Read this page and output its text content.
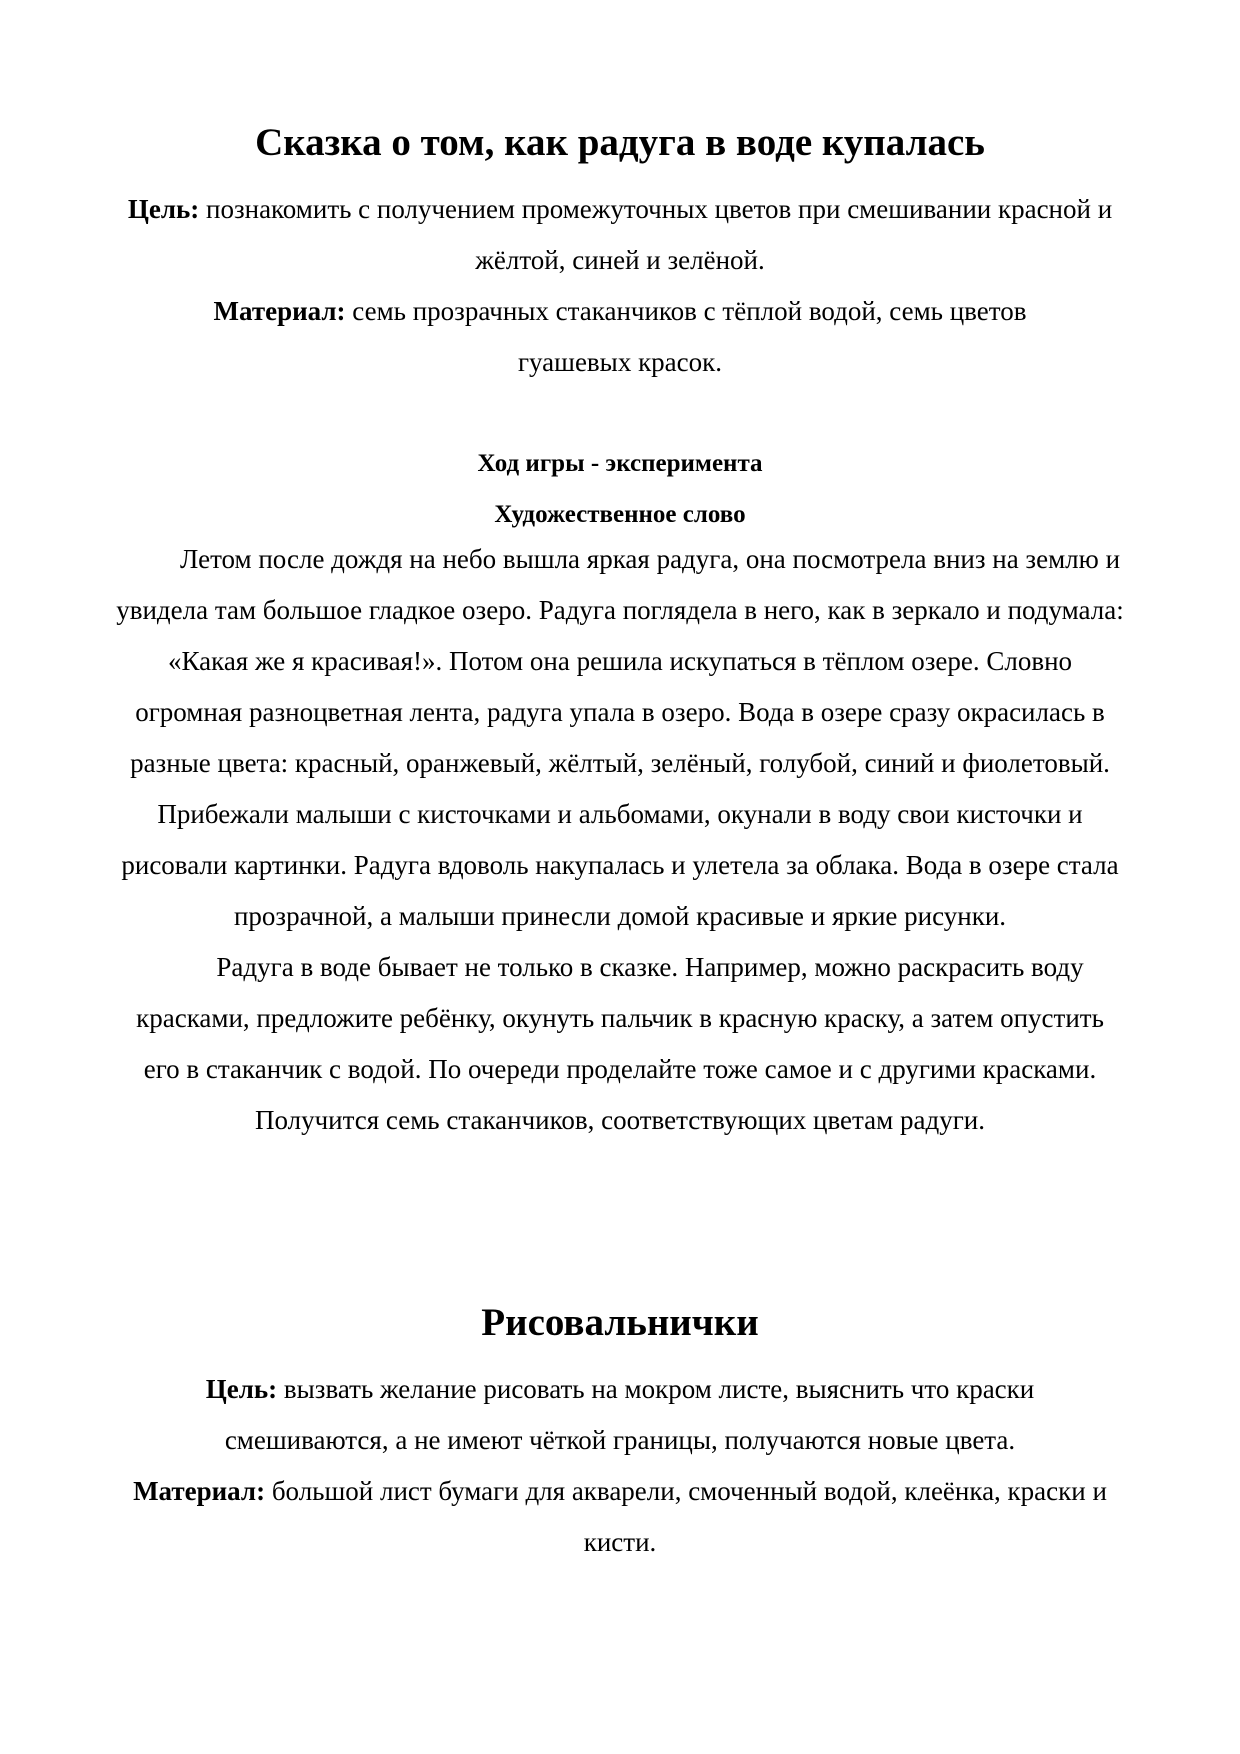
Сказка о том, как радуга в воде купалась
Цель: познакомить с получением промежуточных цветов при смешивании красной и жёлтой, синей и зелёной.
Материал: семь прозрачных стаканчиков с тёплой водой, семь цветов гуашевых красок.
Ход игры - эксперимента
Художественное слово

Летом после дождя на небо вышла яркая радуга, она посмотрела вниз на землю и увидела там большое гладкое озеро. Радуга поглядела в него, как в зеркало и подумала: «Какая же я красивая!». Потом она решила искупаться в тёплом озере. Словно огромная разноцветная лента, радуга упала в озеро. Вода в озере сразу окрасилась в разные цвета: красный, оранжевый, жёлтый, зелёный, голубой, синий и фиолетовый. Прибежали малыши с кисточками и альбомами, окунали в воду свои кисточки и рисовали картинки. Радуга вдоволь накупалась и улетела за облака. Вода в озере стала прозрачной, а малыши принесли домой красивые и яркие рисунки.

Радуга в воде бывает не только в сказке. Например, можно раскрасить воду красками, предложите ребёнку, окунуть пальчик в красную краску, а затем опустить его в стаканчик с водой. По очереди проделайте тоже самое и с другими красками. Получится семь стаканчиков, соответствующих цветам радуги.

Рисовальнички
Цель: вызвать желание рисовать на мокром листе, выяснить что краски смешиваются, а не имеют чёткой границы, получаются новые цвета.
Материал: большой лист бумаги для акварели, смоченный водой, клеёнка, краски и кисти.
